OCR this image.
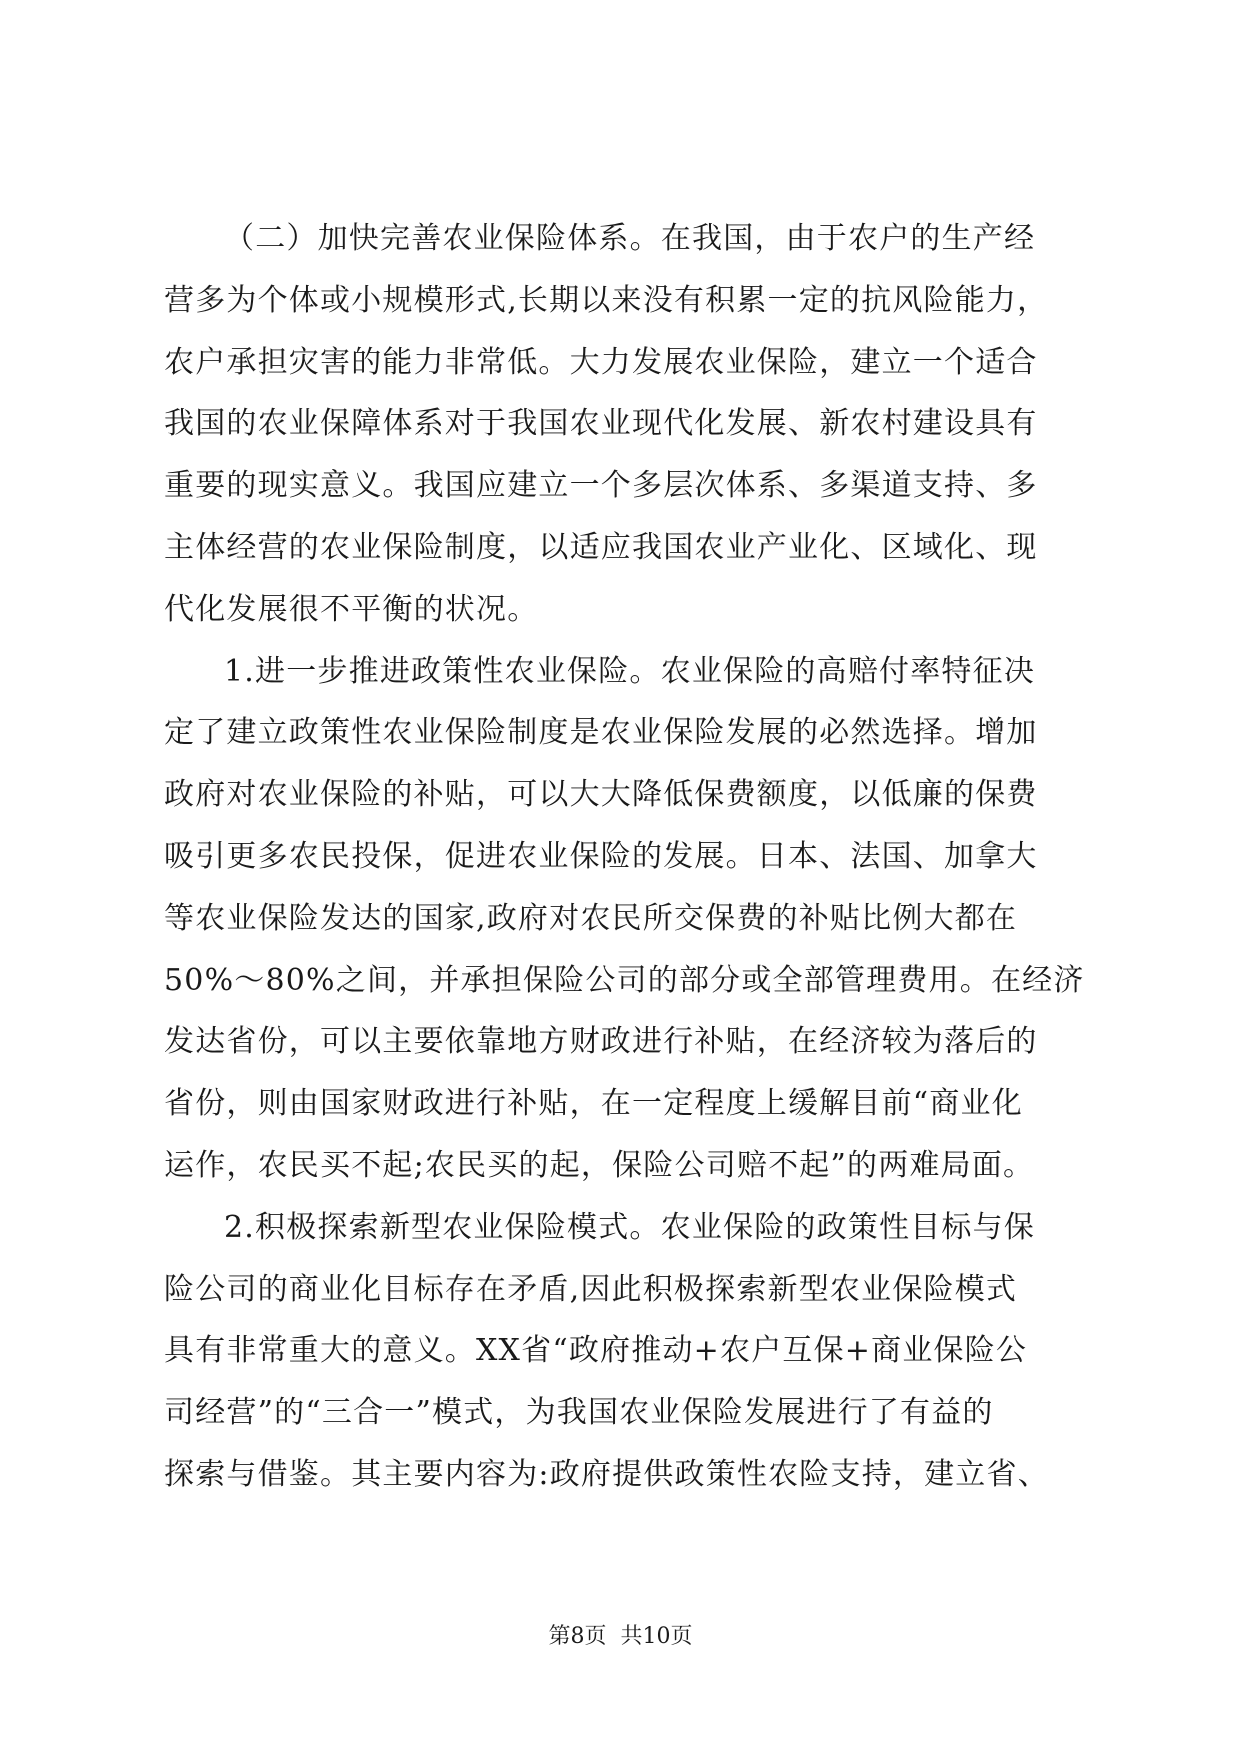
（二）加快完善农业保险体系。在我国，由于农户的生产经
营多为个体或小规模形式,长期以来没有积累一定的抗风险能力，
农户承担灾害的能力非常低。大力发展农业保险，建立一个适合
我国的农业保障体系对于我国农业现代化发展、新农村建设具有
重要的现实意义。我国应建立一个多层次体系、多渠道支持、多
主体经营的农业保险制度，以适应我国农业产业化、区域化、现
代化发展很不平衡的状况。
1.进一步推进政策性农业保险。农业保险的高赔付率特征决
定了建立政策性农业保险制度是农业保险发展的必然选择。增加
政府对农业保险的补贴，可以大大降低保费额度，以低廉的保费
吸引更多农民投保，促进农业保险的发展。日本、法国、加拿大
等农业保险发达的国家,政府对农民所交保费的补贴比例大都在
50%～80%之间，并承担保险公司的部分或全部管理费用。在经济
发达省份，可以主要依靠地方财政进行补贴，在经济较为落后的
省份，则由国家财政进行补贴，在一定程度上缓解目前“商业化
运作，农民买不起;农民买的起，保险公司赔不起”的两难局面。
2.积极探索新型农业保险模式。农业保险的政策性目标与保
险公司的商业化目标存在矛盾,因此积极探索新型农业保险模式
具有非常重大的意义。XX省“政府推动+农户互保+商业保险公
司经营”的“三合一”模式，为我国农业保险发展进行了有益的
探索与借鉴。其主要内容为:政府提供政策性农险支持，建立省、
第8页 共10页
